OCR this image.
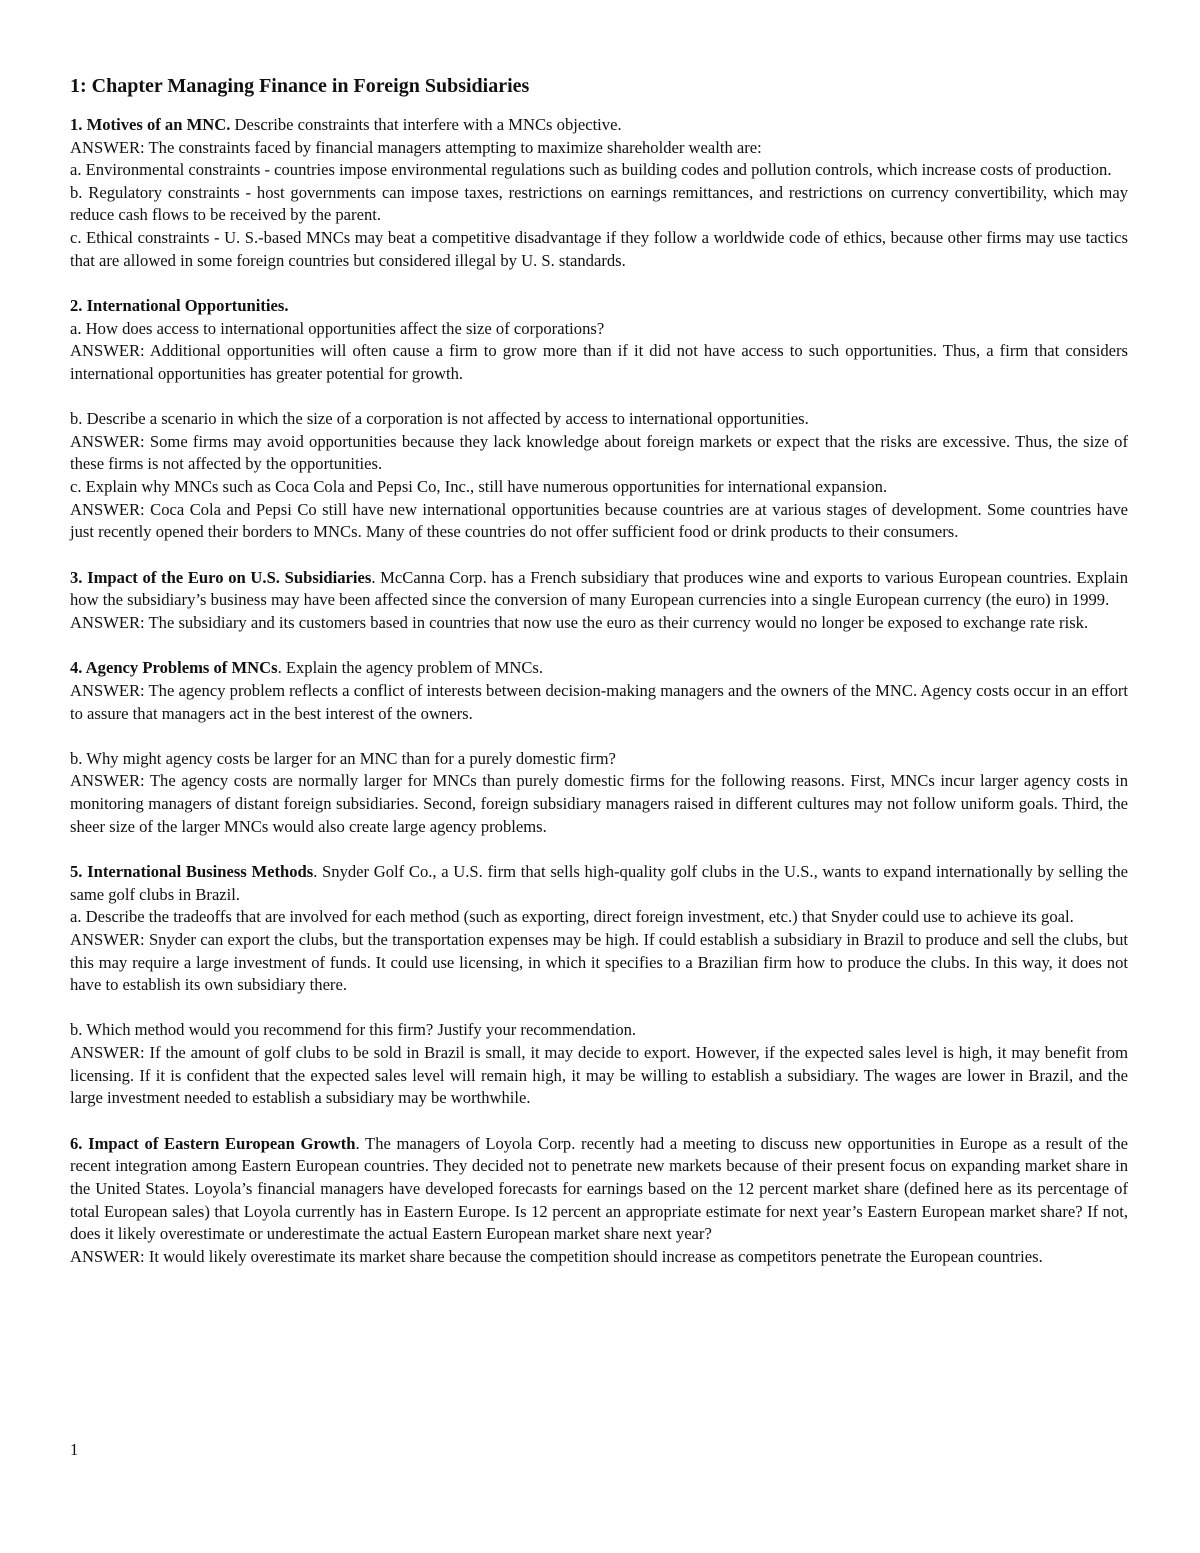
1: Chapter Managing Finance in Foreign Subsidiaries

1. Motives of an MNC. Describe constraints that interfere with a MNCs objective.

ANSWER: The constraints faced by financial managers attempting to maximize shareholder wealth are:

a. Environmental constraints - countries impose environmental regulations such as building codes and pollution controls, which increase costs of production.

b. Regulatory constraints - host governments can impose taxes, restrictions on earnings remittances, and restrictions on currency convertibility, which may reduce cash flows to be received by the parent.

c. Ethical constraints - U. S.-based MNCs may beat a competitive disadvantage if they follow a worldwide code of ethics, because other firms may use tactics that are allowed in some foreign countries but considered illegal by U. S. standards.

2. International Opportunities.

a. How does access to international opportunities affect the size of corporations?

ANSWER: Additional opportunities will often cause a firm to grow more than if it did not have access to such opportunities. Thus, a firm that considers international opportunities has greater potential for growth.

b. Describe a scenario in which the size of a corporation is not affected by access to international opportunities.

ANSWER: Some firms may avoid opportunities because they lack knowledge about foreign markets or expect that the risks are excessive. Thus, the size of these firms is not affected by the opportunities.

c. Explain why MNCs such as Coca Cola and Pepsi Co, Inc., still have numerous opportunities for international expansion.

ANSWER: Coca Cola and Pepsi Co still have new international opportunities because countries are at various stages of development. Some countries have just recently opened their borders to MNCs. Many of these countries do not offer sufficient food or drink products to their consumers.

3. Impact of the Euro on U.S. Subsidiaries. McCanna Corp. has a French subsidiary that produces wine and exports to various European countries. Explain how the subsidiary’s business may have been affected since the conversion of many European currencies into a single European currency (the euro) in 1999.

ANSWER: The subsidiary and its customers based in countries that now use the euro as their currency would no longer be exposed to exchange rate risk.

4. Agency Problems of MNCs. Explain the agency problem of MNCs.

ANSWER: The agency problem reflects a conflict of interests between decision-making managers and the owners of the MNC. Agency costs occur in an effort to assure that managers act in the best interest of the owners.

b. Why might agency costs be larger for an MNC than for a purely domestic firm?

ANSWER: The agency costs are normally larger for MNCs than purely domestic firms for the following reasons. First, MNCs incur larger agency costs in monitoring managers of distant foreign subsidiaries. Second, foreign subsidiary managers raised in different cultures may not follow uniform goals. Third, the sheer size of the larger MNCs would also create large agency problems.

5. International Business Methods. Snyder Golf Co., a U.S. firm that sells high-quality golf clubs in the U.S., wants to expand internationally by selling the same golf clubs in Brazil.

a. Describe the tradeoffs that are involved for each method (such as exporting, direct foreign investment, etc.) that Snyder could use to achieve its goal.

ANSWER: Snyder can export the clubs, but the transportation expenses may be high. If could establish a subsidiary in Brazil to produce and sell the clubs, but this may require a large investment of funds. It could use licensing, in which it specifies to a Brazilian firm how to produce the clubs. In this way, it does not have to establish its own subsidiary there.

b. Which method would you recommend for this firm? Justify your recommendation.

ANSWER: If the amount of golf clubs to be sold in Brazil is small, it may decide to export. However, if the expected sales level is high, it may benefit from licensing. If it is confident that the expected sales level will remain high, it may be willing to establish a subsidiary. The wages are lower in Brazil, and the large investment needed to establish a subsidiary may be worthwhile.

6. Impact of Eastern European Growth. The managers of Loyola Corp. recently had a meeting to discuss new opportunities in Europe as a result of the recent integration among Eastern European countries. They decided not to penetrate new markets because of their present focus on expanding market share in the United States. Loyola’s financial managers have developed forecasts for earnings based on the 12 percent market share (defined here as its percentage of total European sales) that Loyola currently has in Eastern Europe. Is 12 percent an appropriate estimate for next year’s Eastern European market share? If not, does it likely overestimate or underestimate the actual Eastern European market share next year?

ANSWER: It would likely overestimate its market share because the competition should increase as competitors penetrate the European countries.

1
